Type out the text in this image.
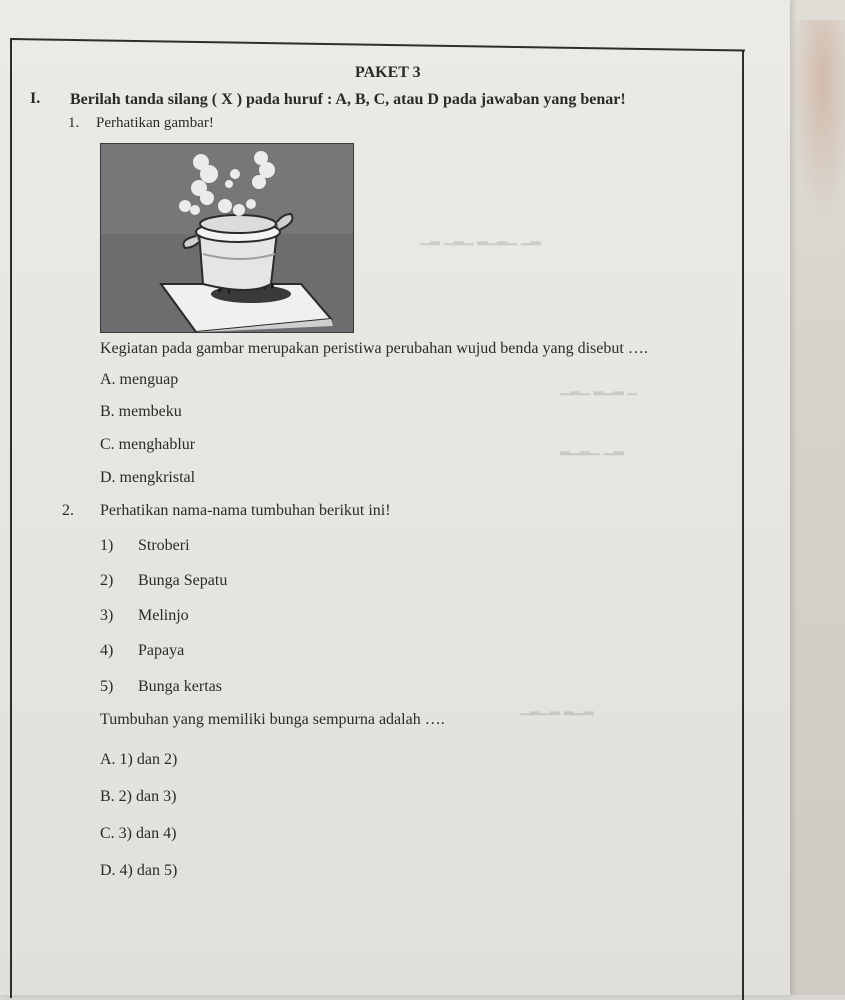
▁▂ ▁▂▁ ▂▁▂▁ ▁▂
▁▂▁ ▂▁▂ ▁
▂▁▂▁ ▁▂
▁▂▁▂ ▂▁▂
PAKET 3
I. Berilah tanda silang ( X ) pada huruf : A, B, C, atau D pada jawaban yang benar!
1. Perhatikan gambar!
Kegiatan pada gambar merupakan peristiwa perubahan wujud benda yang disebut ….
A. menguap
B. membeku
C. menghablur
D. mengkristal
2. Perhatikan nama-nama tumbuhan berikut ini!
1) Stroberi
2) Bunga Sepatu
3) Melinjo
4) Papaya
5) Bunga kertas
Tumbuhan yang memiliki bunga sempurna adalah ….
A. 1) dan 2)
B. 2) dan 3)
C. 3) dan 4)
D. 4) dan 5)
